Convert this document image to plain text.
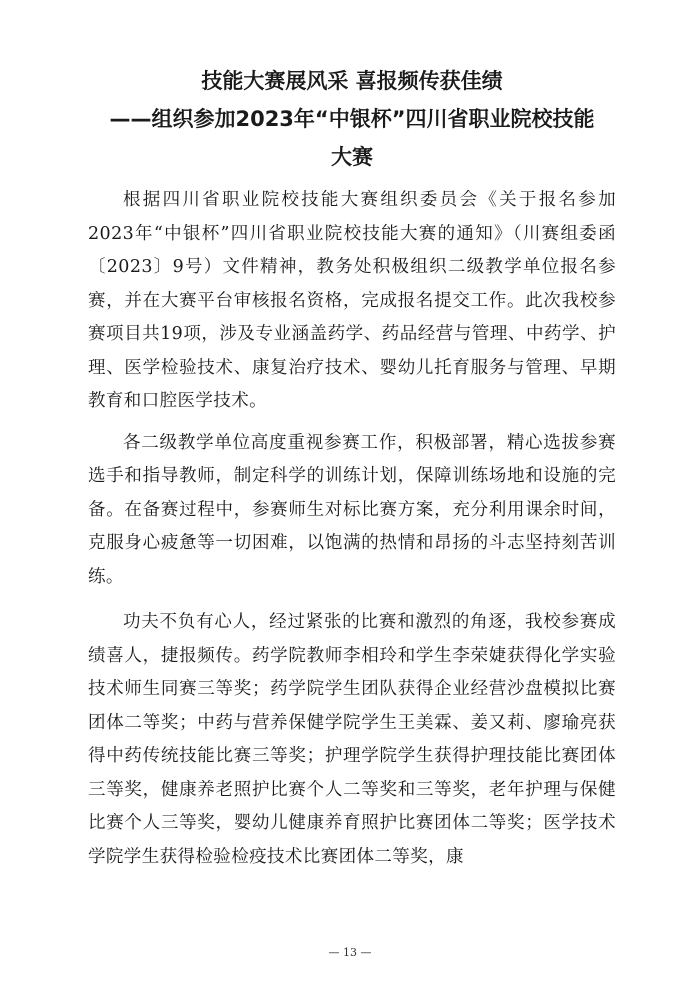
技能大赛展风采 喜报频传获佳绩

——组织参加2023年“中银杯”四川省职业院校技能

大赛

根据四川省职业院校技能大赛组织委员会《关于报名参加2023年“中银杯”四川省职业院校技能大赛的通知》（川赛组委函〔2023〕9号）文件精神，教务处积极组织二级教学单位报名参赛，并在大赛平台审核报名资格，完成报名提交工作。此次我校参赛项目共19项，涉及专业涵盖药学、药品经营与管理、中药学、护理、医学检验技术、康复治疗技术、婴幼儿托育服务与管理、早期教育和口腔医学技术。

各二级教学单位高度重视参赛工作，积极部署，精心选拔参赛选手和指导教师，制定科学的训练计划，保障训练场地和设施的完备。在备赛过程中，参赛师生对标比赛方案，充分利用课余时间，克服身心疲惫等一切困难，以饱满的热情和昂扬的斗志坚持刻苦训练。

功夫不负有心人，经过紧张的比赛和激烈的角逐，我校参赛成绩喜人，捷报频传。药学院教师李相玲和学生李荣婕获得化学实验技术师生同赛三等奖；药学院学生团队获得企业经营沙盘模拟比赛团体二等奖；中药与营养保健学院学生王美霖、姜又莉、廖瑜亮获得中药传统技能比赛三等奖；护理学院学生获得护理技能比赛团体三等奖，健康养老照护比赛个人二等奖和三等奖，老年护理与保健比赛个人三等奖，婴幼儿健康养育照护比赛团体二等奖；医学技术学院学生获得检验检疫技术比赛团体二等奖，康

— 13 —
